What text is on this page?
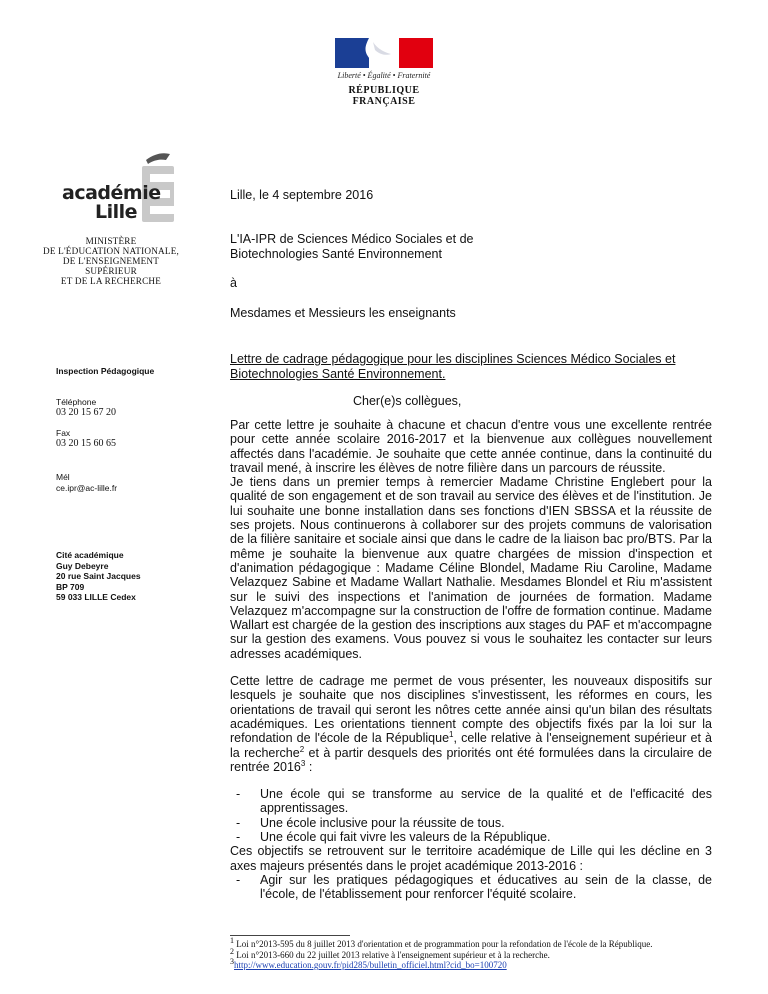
Liberté • Égalité • Fraternité
RÉPUBLIQUE FRANÇAISE
académie
Lille
MINISTÈRE
DE L'ÉDUCATION NATIONALE,
DE L'ENSEIGNEMENT SUPÉRIEUR
ET DE LA RECHERCHE
Lille, le 4 septembre 2016
L'IA-IPR de Sciences Médico Sociales et de
Biotechnologies Santé Environnement
à
Mesdames et Messieurs les enseignants
Lettre de cadrage pédagogique pour les disciplines Sciences Médico Sociales et
Biotechnologies Santé Environnement.
Cher(e)s collègues,
Inspection Pédagogique
Téléphone
03 20 15 67 20
Fax
03 20 15 60 65
Mél
ce.ipr@ac-lille.fr
Cité académique
Guy Debeyre
20 rue Saint Jacques
BP 709
59 033 LILLE Cedex

Par cette lettre je souhaite à chacune et chacun d'entre vous une excellente rentrée pour cette année scolaire 2016-2017 et la bienvenue aux collègues nouvellement affectés dans l'académie. Je souhaite que cette année continue, dans la continuité du travail mené, à inscrire les élèves de notre filière dans un parcours de réussite.

Je tiens dans un premier temps à remercier Madame Christine Englebert pour la qualité de son engagement et de son travail au service des élèves et de l'institution. Je lui souhaite une bonne installation dans ses fonctions d'IEN SBSSA et la réussite de ses projets. Nous continuerons à collaborer sur des projets communs de valorisation de la filière sanitaire et sociale ainsi que dans le cadre de la liaison bac pro/BTS. Par la même je souhaite la bienvenue aux quatre chargées de mission d'inspection et d'animation pédagogique : Madame Céline Blondel, Madame Riu Caroline, Madame Velazquez Sabine et Madame Wallart Nathalie. Mesdames Blondel et Riu m'assistent sur le suivi des inspections et l'animation de journées de formation. Madame Velazquez m'accompagne sur la construction de l'offre de formation continue. Madame Wallart est chargée de la gestion des inscriptions aux stages du PAF et m'accompagne sur la gestion des examens. Vous pouvez si vous le souhaitez les contacter sur leurs adresses académiques.

Cette lettre de cadrage me permet de vous présenter, les nouveaux dispositifs sur lesquels je souhaite que nos disciplines s'investissent, les réformes en cours, les orientations de travail qui seront les nôtres cette année ainsi qu'un bilan des résultats académiques. Les orientations tiennent compte des objectifs fixés par la loi sur la refondation de l'école de la République$^1$, celle relative à l'enseignement supérieur et à la recherche$^2$ et à partir desquels des priorités ont été formulées dans la circulaire de rentrée 2016$^3$ :

-	Une école qui se transforme au service de la qualité et de l'efficacité des apprentissages.
-	Une école inclusive pour la réussite de tous.
-	Une école qui fait vivre les valeurs de la République.

Ces objectifs se retrouvent sur le territoire académique de Lille qui les décline en 3 axes majeurs présentés dans le projet académique 2013-2016 :

-	Agir sur les pratiques pédagogiques et éducatives au sein de la classe, de l'école, de l'établissement pour renforcer l'équité scolaire.
$^1$ Loi n°2013-595 du 8 juillet 2013 d'orientation et de programmation pour la refondation de l'école de la République.
$^2$ Loi n°2013-660 du 22 juillet 2013 relative à l'enseignement supérieur et à la recherche.
$^3$http://www.education.gouv.fr/pid285/bulletin_officiel.html?cid_bo=100720
